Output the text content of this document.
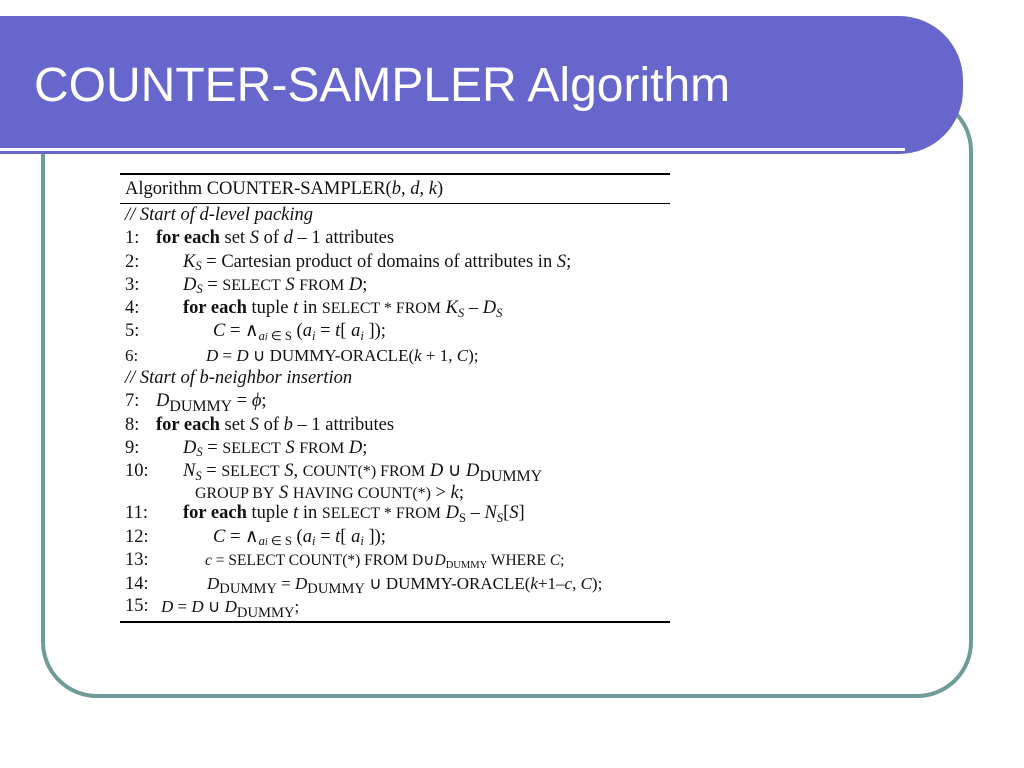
COUNTER-SAMPLER Algorithm
Algorithm COUNTER-SAMPLER(b, d, k)
// Start of d-level packing
1: for each set S of d – 1 attributes
2: KS = Cartesian product of domains of attributes in S;
3: DS = SELECT S FROM D;
4: for each tuple t in SELECT * FROM KS – DS
5:	C = ∧ai ∈ S (ai = t[ ai ]);
6:	D = D ∪ DUMMY-ORACLE(k + 1, C);
// Start of b-neighbor insertion
7: DDUMMY = ϕ;
8: for each set S of b – 1 attributes
9: DS = SELECT S FROM D;
10: NS = SELECT S, COUNT(*) FROM D ∪ DDUMMY
GROUP BY S HAVING COUNT(*) > k;
11: for each tuple t in SELECT * FROM DS – NS[S]
12:	C = ∧ai ∈ S (ai = t[ ai ]);
13:	c = SELECT COUNT(*) FROM D∪DDUMMY WHERE C;
14:	DDUMMY = DDUMMY ∪ DUMMY-ORACLE(k+1–c, C);
15: D = D ∪ DDUMMY;
